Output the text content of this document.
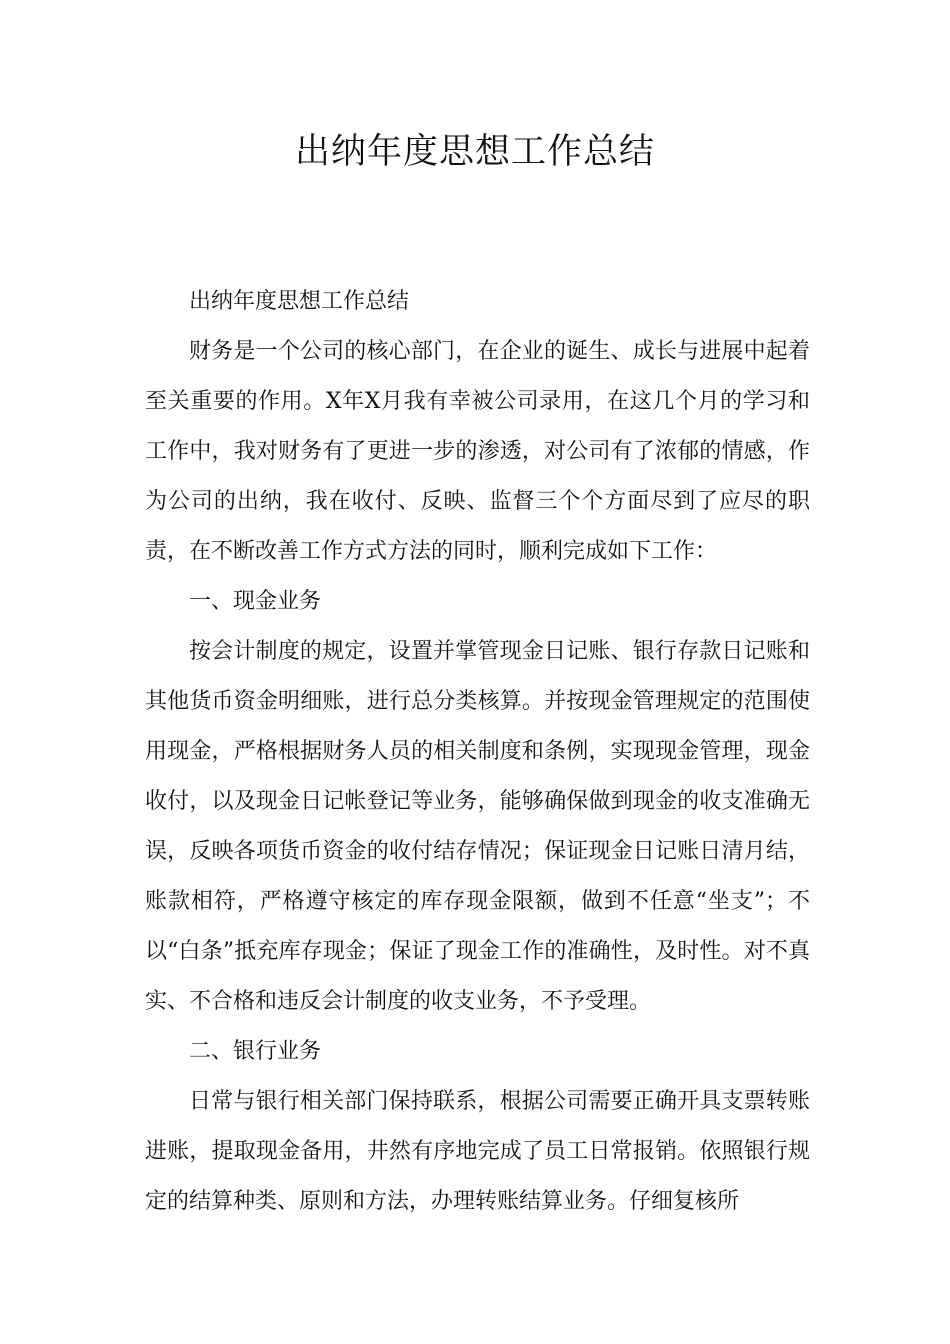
出纳年度思想工作总结

出纳年度思想工作总结

财务是一个公司的核心部门，在企业的诞生、成长与进展中起着至关重要的作用。X年X月我有幸被公司录用，在这几个月的学习和工作中，我对财务有了更进一步的渗透，对公司有了浓郁的情感，作为公司的出纳，我在收付、反映、监督三个个方面尽到了应尽的职责，在不断改善工作方式方法的同时，顺利完成如下工作：

一、现金业务

按会计制度的规定，设置并掌管现金日记账、银行存款日记账和其他货币资金明细账，进行总分类核算。并按现金管理规定的范围使用现金，严格根据财务人员的相关制度和条例，实现现金管理，现金收付，以及现金日记帐登记等业务，能够确保做到现金的收支准确无误，反映各项货币资金的收付结存情况；保证现金日记账日清月结，账款相符，严格遵守核定的库存现金限额，做到不任意“坐支”；不以“白条”抵充库存现金；保证了现金工作的准确性，及时性。对不真实、不合格和违反会计制度的收支业务，不予受理。

二、银行业务

日常与银行相关部门保持联系，根据公司需要正确开具支票转账进账，提取现金备用，井然有序地完成了员工日常报销。依照银行规定的结算种类、原则和方法，办理转账结算业务。仔细复核所
